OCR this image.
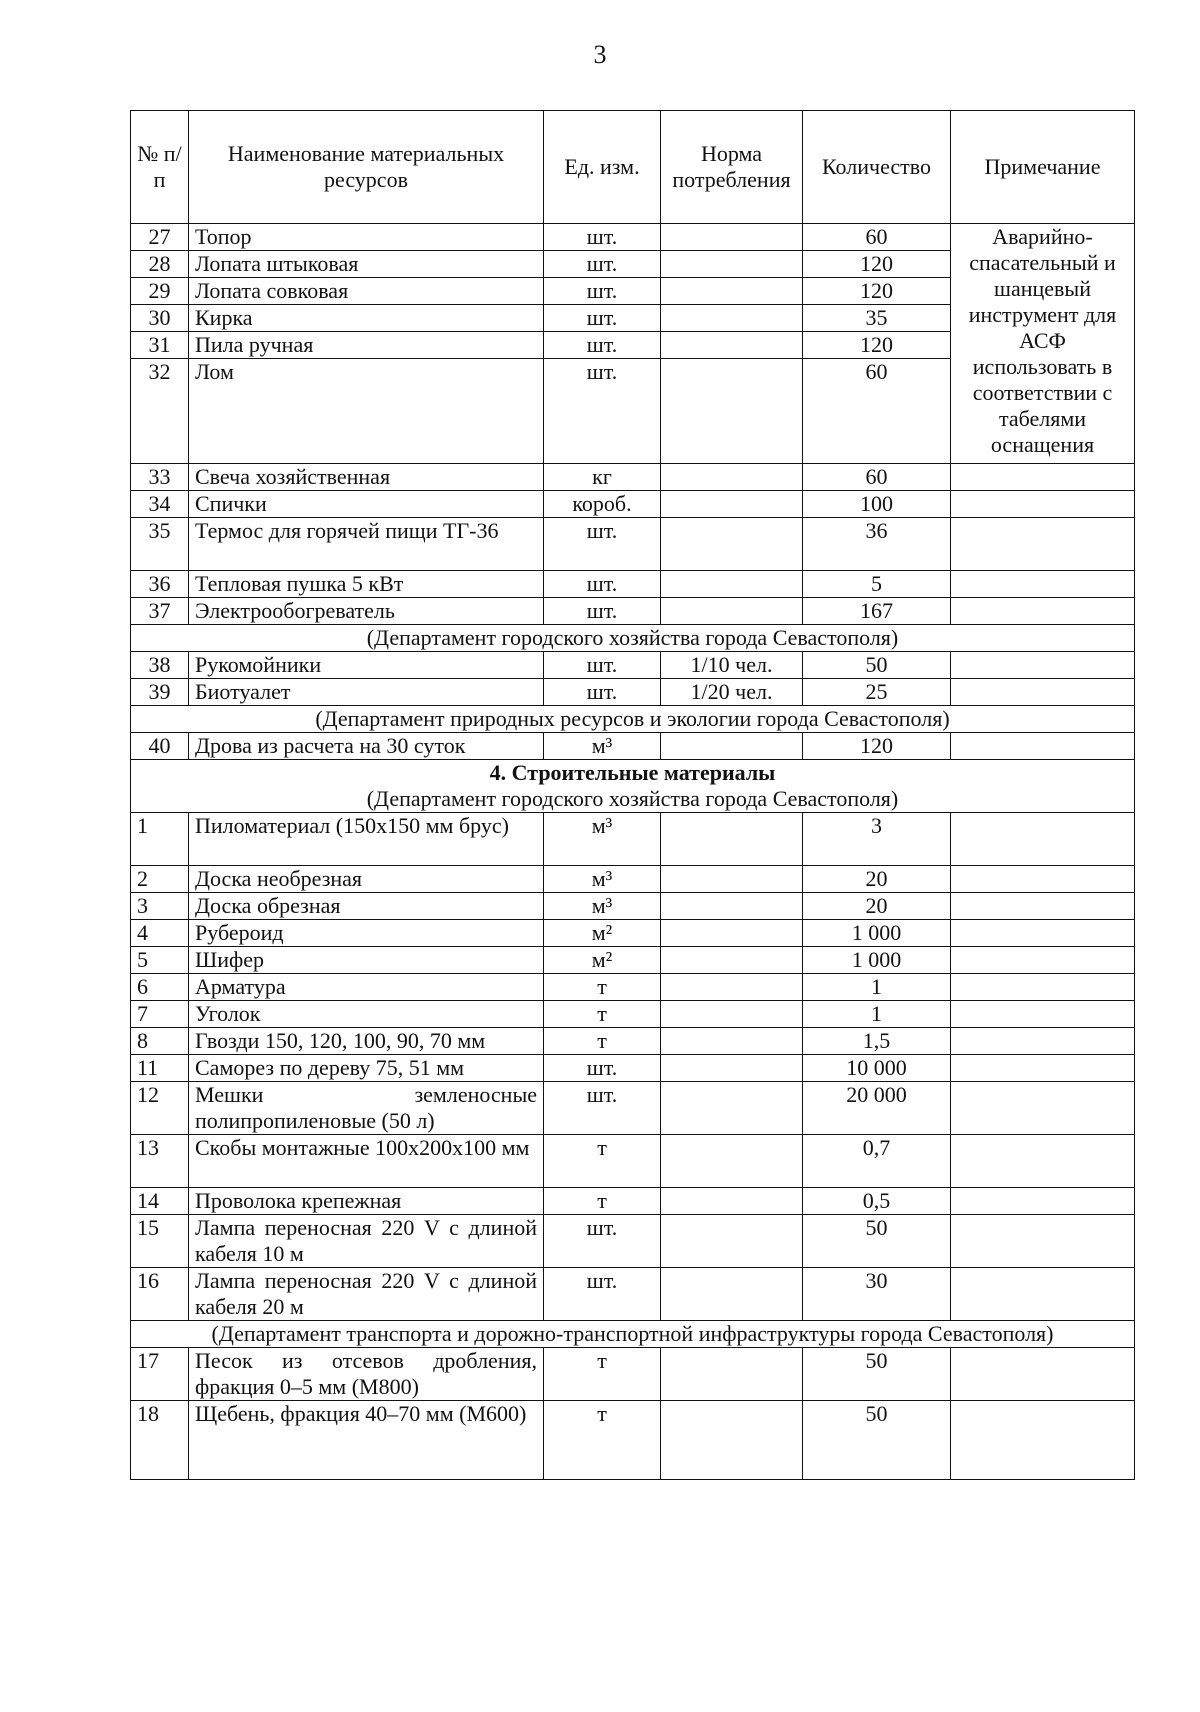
3
№ п/п	Наименование материальных ресурсов	Ед. изм.	Норма потребления	Количество	Примечание
27	Топор	шт.		60	Аварийно-спасательный и шанцевый инструмент для АСФ использовать в соответствии с табелями оснащения
28	Лопата штыковая	шт.		120	
29	Лопата совковая	шт.		120	
30	Кирка	шт.		35	
31	Пила ручная	шт.		120	
32	Лом	шт.		60	
33	Свеча хозяйственная	кг		60	
34	Спички	короб.		100	
35	Термос для горячей пищи ТГ-36	шт.		36	
36	Тепловая пушка 5 кВт	шт.		5	
37	Электрообогреватель	шт.		167	
(Департамент городского хозяйства города Севастополя)					
38	Рукомойники	шт.	1/10 чел.	50	
39	Биотуалет	шт.	1/20 чел.	25	
(Департамент природных ресурсов и экологии города Севастополя)					
40	Дрова из расчета на 30 суток	м³		120	

4. Строительные материалы
(Департамент городского хозяйства города Севастополя)					
1	Пиломатериал (150х150 мм брус)	м³		3	
2	Доска необрезная	м³		20	
3	Доска обрезная	м³		20	
4	Рубероид	м²		1 000	
5	Шифер	м²		1 000	
6	Арматура	т		1	
7	Уголок	т		1	
8	Гвозди 150, 120, 100, 90, 70 мм	т		1,5	
11	Саморез по дереву 75, 51 мм	шт.		10 000	
12	Мешки земленосные полипропиленовые (50 л)	шт.		20 000	
13	Скобы монтажные 100х200х100 мм	т		0,7	
14	Проволока крепежная	т		0,5	
15	Лампа переносная 220 V с длиной кабеля 10 м	шт.		50	
16	Лампа переносная 220 V с длиной кабеля 20 м	шт.		30	
(Департамент транспорта и дорожно-транспортной инфраструктуры города Севастополя)					
17	Песок из отсевов дробления, фракция 0–5 мм (М800)	т		50	
18	Щебень, фракция 40–70 мм (М600)	т		50	
